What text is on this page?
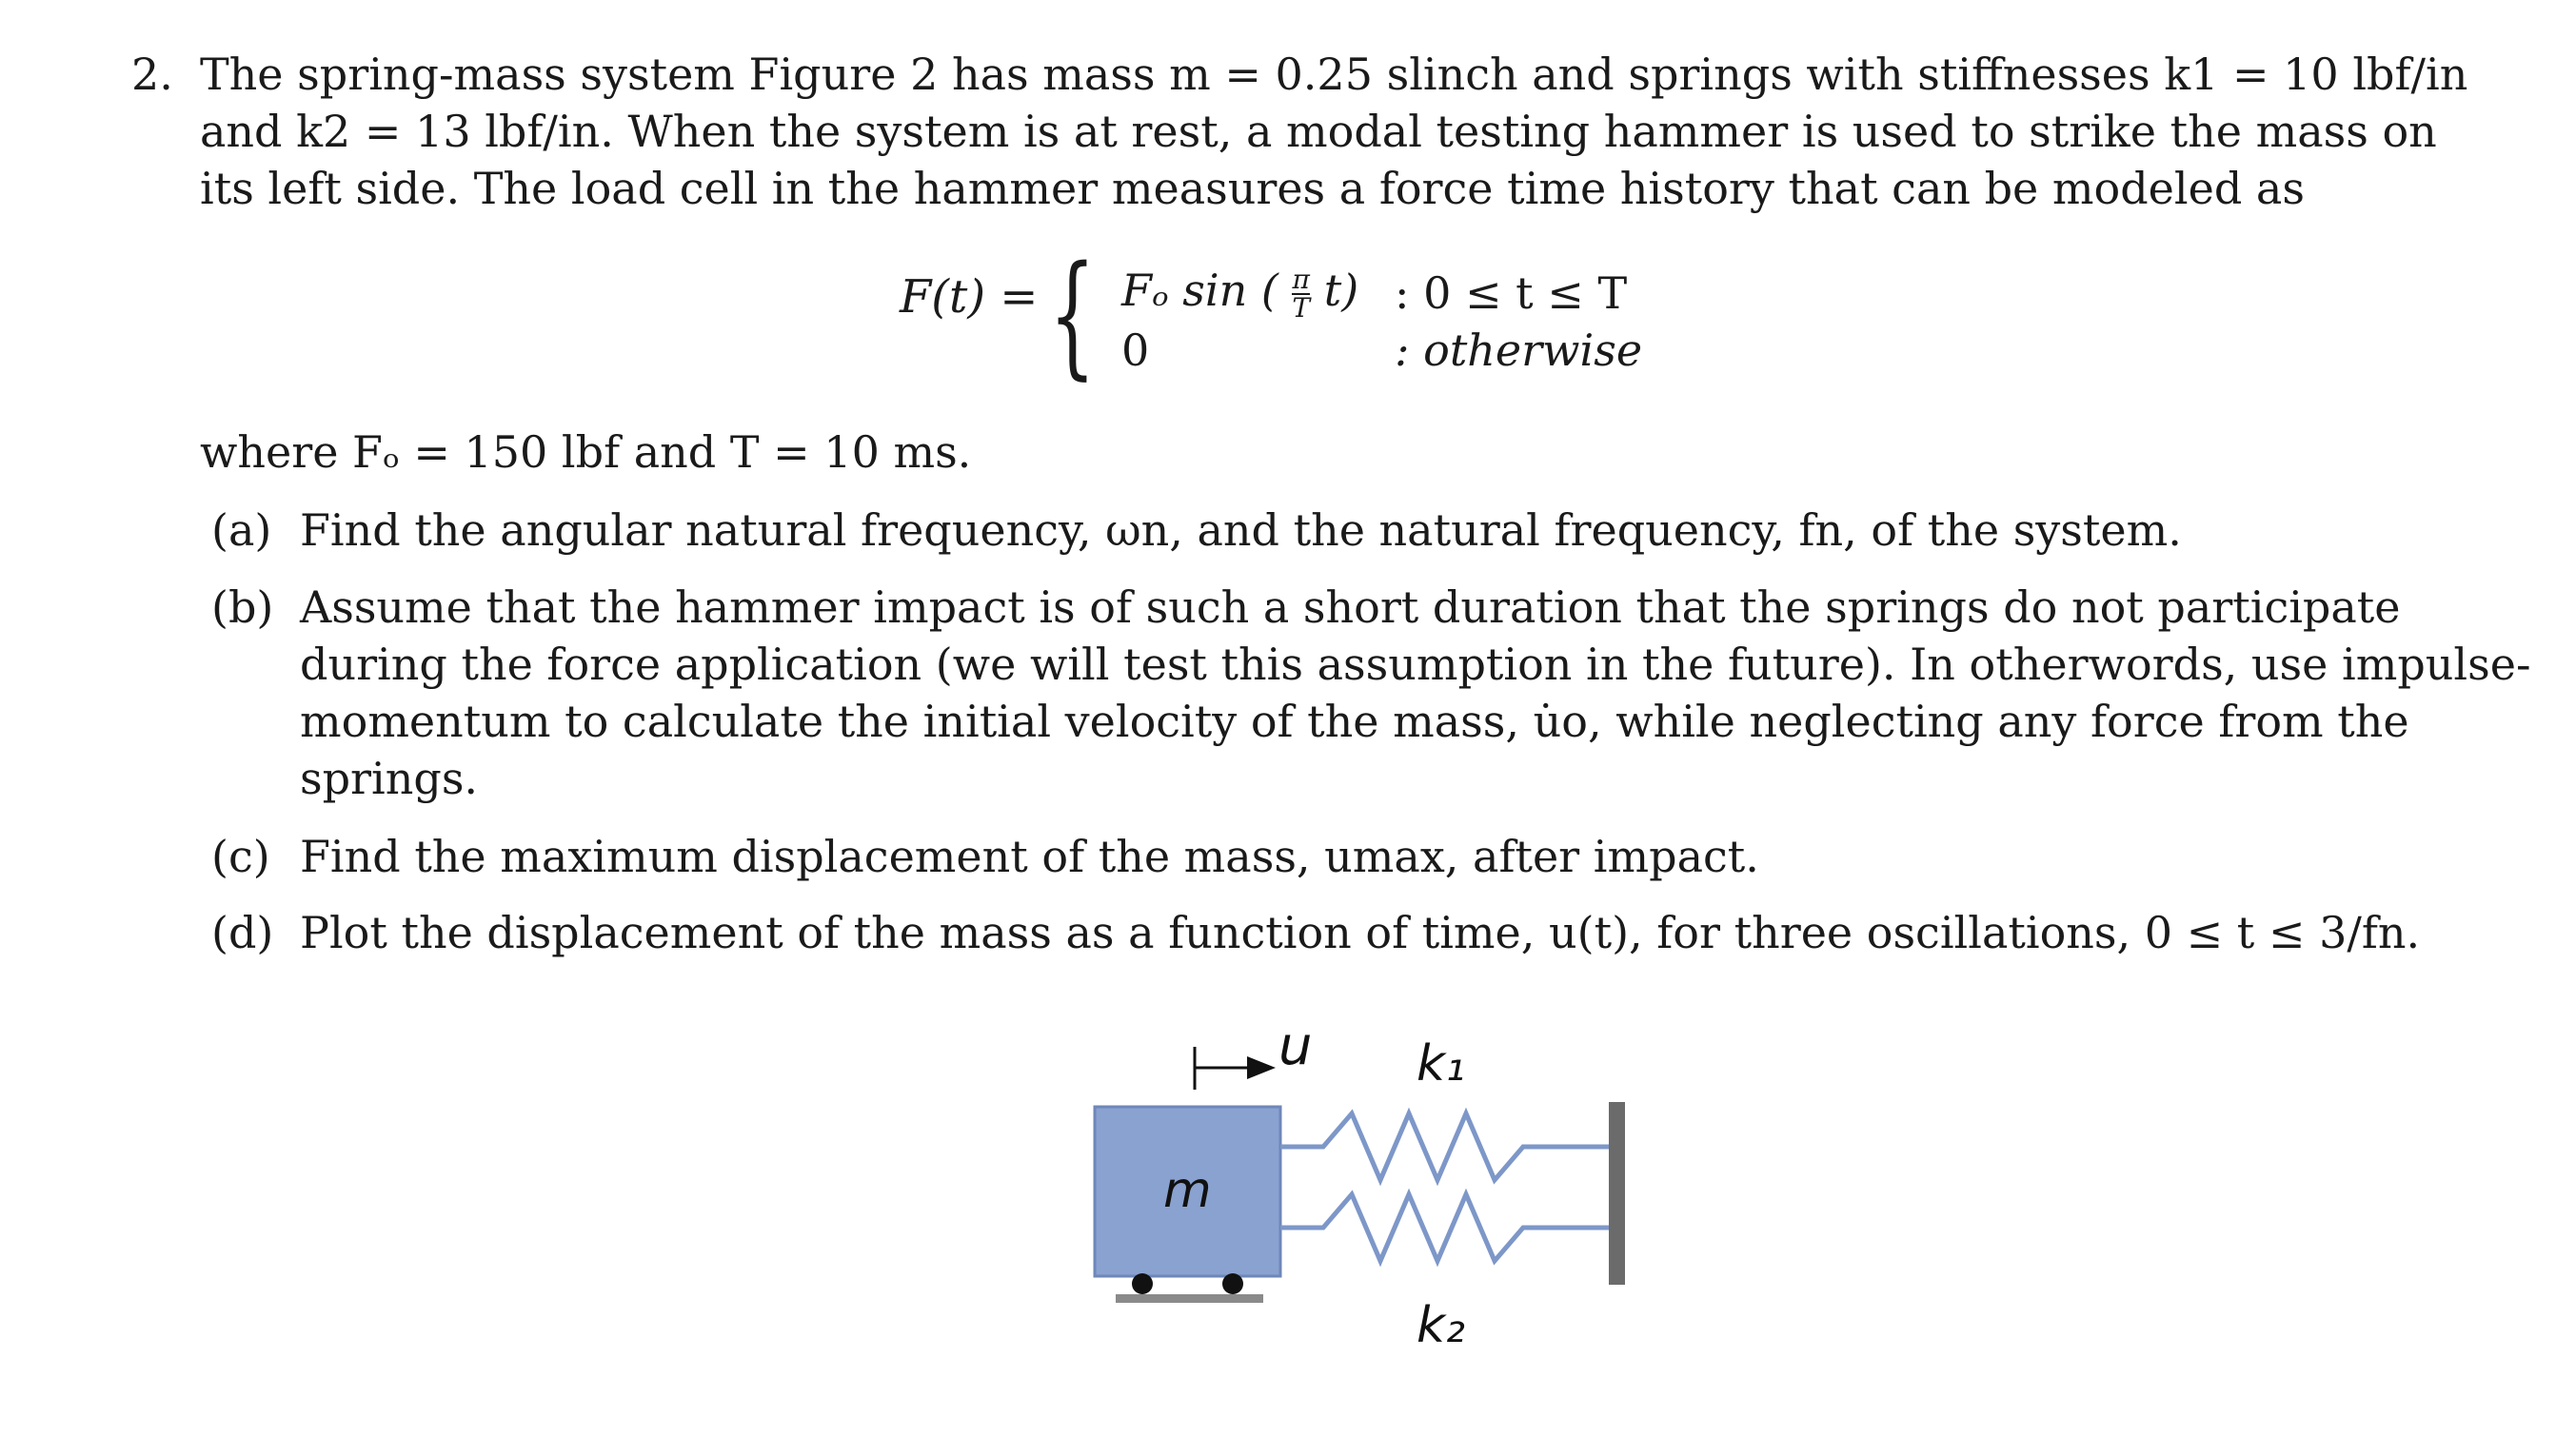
2. The spring-mass system Figure 2 has mass m = 0.25 slinch and springs with stiffnesses k1 = 10 lbf/in
and k2 = 13 lbf/in. When the system is at rest, a modal testing hammer is used to strike the mass on
its left side. The load cell in the hammer measures a force time history that can be modeled as
F(t) = { Fₒ sin ( $\frac{\pi}{T} t$) : 0 ≤ t ≤ T
0	: otherwise
where Fₒ = 150 lbf and T = 10 ms.
(a) Find the angular natural frequency, ωn, and the natural frequency, fn, of the system.
(b) Assume that the hammer impact is of such a short duration that the springs do not participate
during the force application (we will test this assumption in the future). In otherwords, use impulse-
momentum to calculate the initial velocity of the mass, u̇o, while neglecting any force from the
springs.
(c) Find the maximum displacement of the mass, umax, after impact.
(d) Plot the displacement of the mass as a function of time, u(t), for three oscillations, 0 ≤ t ≤ 3/fn.
u
m
k₁
k₂
